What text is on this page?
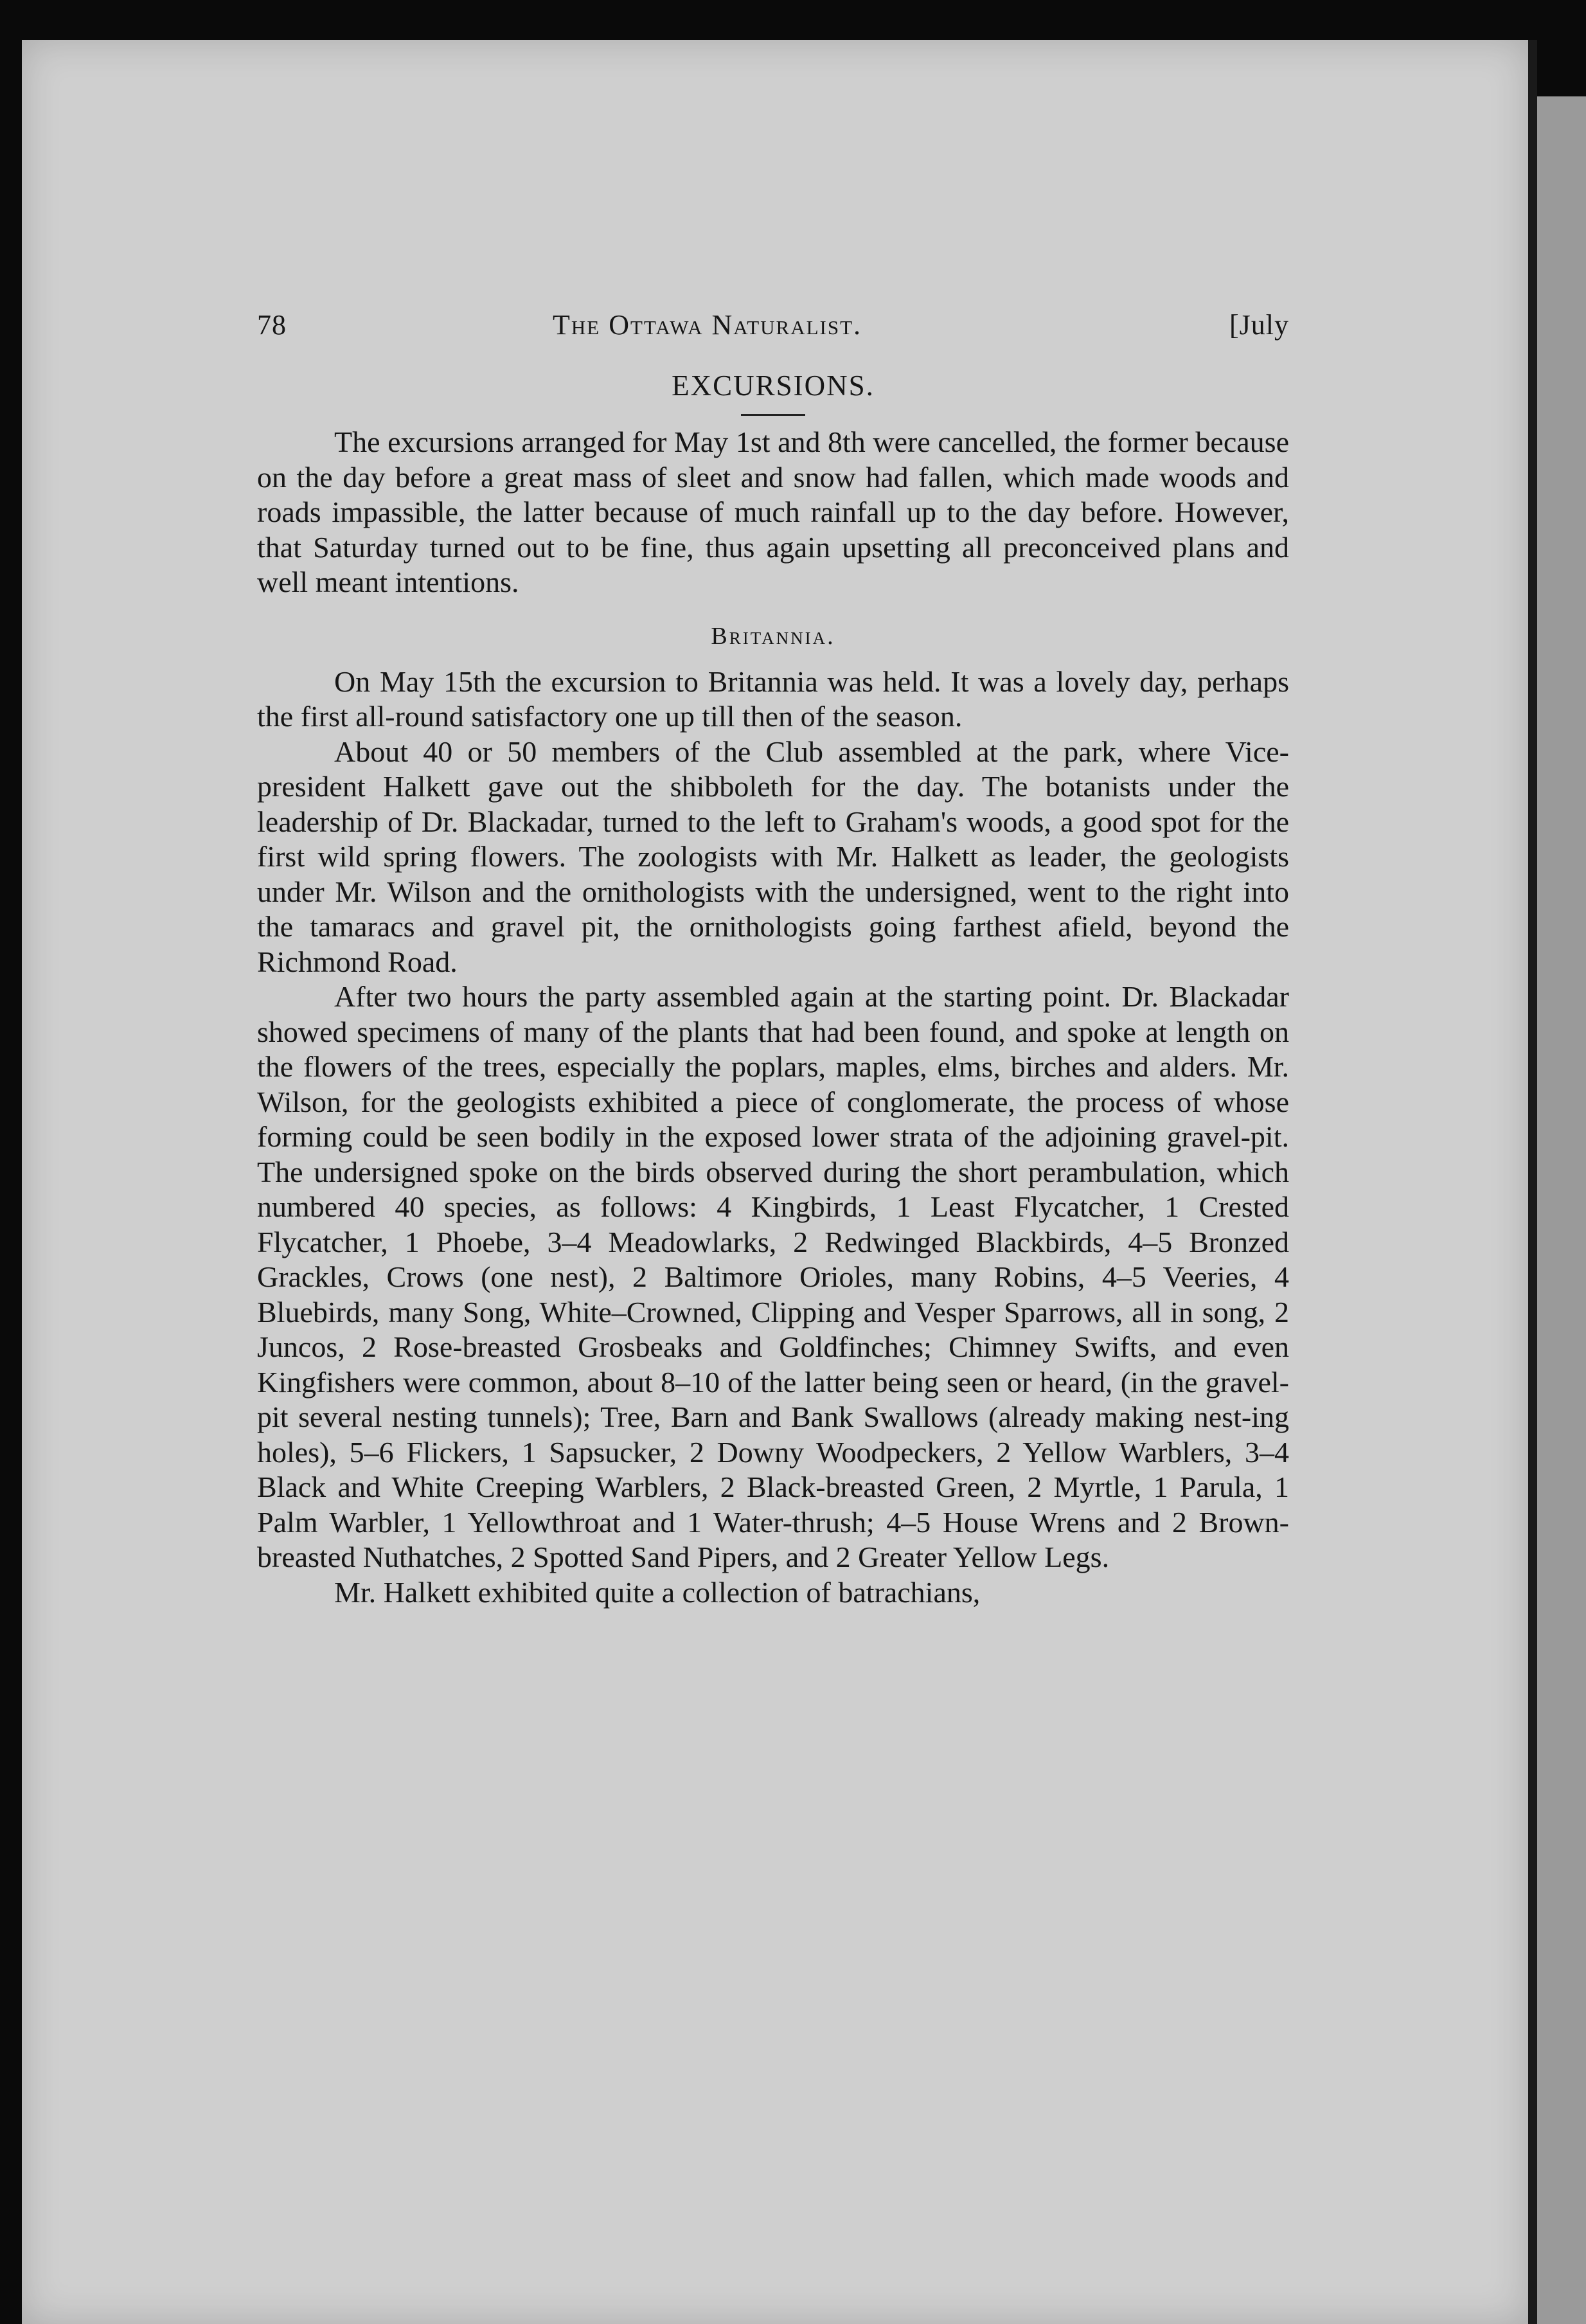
78	The Ottawa Naturalist.	[July
EXCURSIONS.

The excursions arranged for May 1st and 8th were cancelled, the former because on the day before a great mass of sleet and snow had fallen, which made woods and roads impassible, the latter because of much rainfall up to the day before. However, that Saturday turned out to be fine, thus again upsetting all preconceived plans and well meant intentions.

Britannia.

On May 15th the excursion to Britannia was held. It was a lovely day, perhaps the first all-round satisfactory one up till then of the season.

About 40 or 50 members of the Club assembled at the park, where Vice-president Halkett gave out the shibboleth for the day. The botanists under the leadership of Dr. Blackadar, turned to the left to Graham's woods, a good spot for the first wild spring flowers. The zoologists with Mr. Halkett as leader, the geologists under Mr. Wilson and the ornithologists with the undersigned, went to the right into the tamaracs and gravel pit, the ornithologists going farthest afield, beyond the Richmond Road.

After two hours the party assembled again at the starting point. Dr. Blackadar showed specimens of many of the plants that had been found, and spoke at length on the flowers of the trees, especially the poplars, maples, elms, birches and alders. Mr. Wilson, for the geologists exhibited a piece of conglomerate, the process of whose forming could be seen bodily in the exposed lower strata of the adjoining gravel-pit. The undersigned spoke on the birds observed during the short perambulation, which numbered 40 species, as follows: 4 Kingbirds, 1 Least Flycatcher, 1 Crested Flycatcher, 1 Phoebe, 3–4 Meadowlarks, 2 Redwinged Blackbirds, 4–5 Bronzed Grackles, Crows (one nest), 2 Baltimore Orioles, many Robins, 4–5 Veeries, 4 Bluebirds, many Song, White–Crowned, Clipping and Vesper Sparrows, all in song, 2 Juncos, 2 Rose-breasted Grosbeaks and Goldfinches; Chimney Swifts, and even Kingfishers were common, about 8–10 of the latter being seen or heard, (in the gravel-pit several nesting tunnels); Tree, Barn and Bank Swallows (already making nest-ing holes), 5–6 Flickers, 1 Sapsucker, 2 Downy Woodpeckers, 2 Yellow Warblers, 3–4 Black and White Creeping Warblers, 2 Black-breasted Green, 2 Myrtle, 1 Parula, 1 Palm Warbler, 1 Yellowthroat and 1 Water-thrush; 4–5 House Wrens and 2 Brown-breasted Nuthatches, 2 Spotted Sand Pipers, and 2 Greater Yellow Legs.

Mr. Halkett exhibited quite a collection of batrachians,
